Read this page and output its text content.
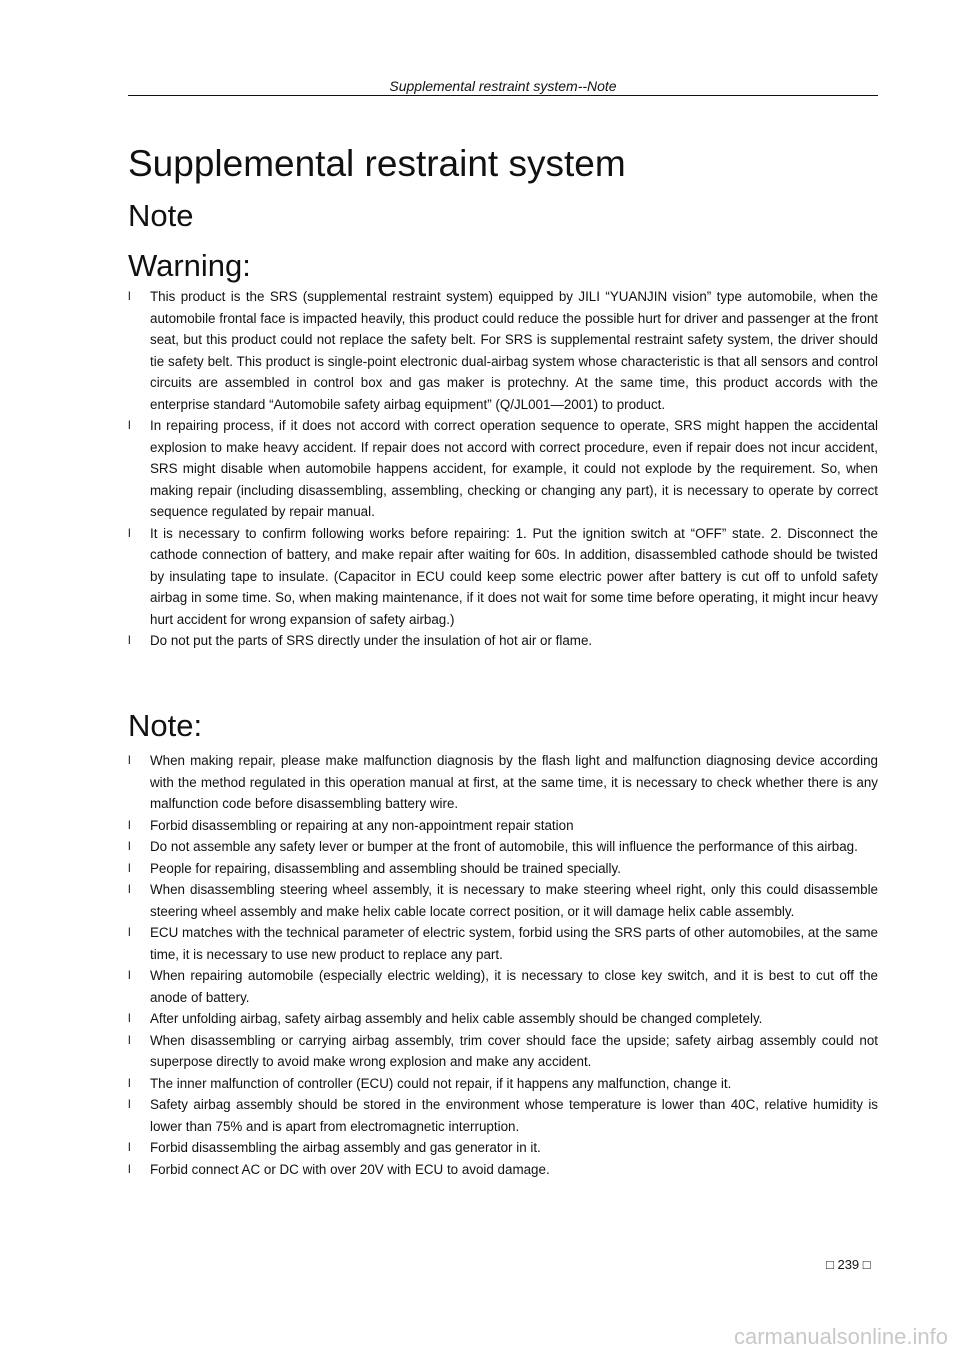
Supplemental restraint system--Note
Supplemental restraint system
Note
Warning:
l	This product is the SRS (supplemental restraint system) equipped by JILI “YUANJIN vision” type automobile, when the automobile frontal face is impacted heavily, this product could reduce the possible hurt for driver and passenger at the front seat, but this product could not replace the safety belt. For SRS is supplemental restraint safety system, the driver should tie safety belt. This product is single-point electronic dual-airbag system whose characteristic is that all sensors and control circuits are assembled in control box and gas maker is protechny. At the same time, this product accords with the enterprise standard “Automobile safety airbag equipment” (Q/JL001—2001) to product.
l	In repairing process, if it does not accord with correct operation sequence to operate, SRS might happen the accidental explosion to make heavy accident. If repair does not accord with correct procedure, even if repair does not incur accident, SRS might disable when automobile happens accident, for example, it could not explode by the requirement. So, when making repair (including disassembling, assembling, checking or changing any part), it is necessary to operate by correct sequence regulated by repair manual.
l	It is necessary to confirm following works before repairing: 1. Put the ignition switch at “OFF” state. 2. Disconnect the cathode connection of battery, and make repair after waiting for 60s. In addition, disassembled cathode should be twisted by insulating tape to insulate. (Capacitor in ECU could keep some electric power after battery is cut off to unfold safety airbag in some time. So, when making maintenance, if it does not wait for some time before operating, it might incur heavy hurt accident for wrong expansion of safety airbag.)
l	Do not put the parts of SRS directly under the insulation of hot air or flame.
Note:
l	When making repair, please make malfunction diagnosis by the flash light and malfunction diagnosing device according with the method regulated in this operation manual at first, at the same time, it is necessary to check whether there is any malfunction code before disassembling battery wire.
l	Forbid disassembling or repairing at any non-appointment repair station
l	Do not assemble any safety lever or bumper at the front of automobile, this will influence the performance of this airbag.
l	People for repairing, disassembling and assembling should be trained specially.
l	When disassembling steering wheel assembly, it is necessary to make steering wheel right, only this could disassemble steering wheel assembly and make helix cable locate correct position, or it will damage helix cable assembly.
l	ECU matches with the technical parameter of electric system, forbid using the SRS parts of other automobiles, at the same time, it is necessary to use new product to replace any part.
l	When repairing automobile (especially electric welding), it is necessary to close key switch, and it is best to cut off the anode of battery.
l	After unfolding airbag, safety airbag assembly and helix cable assembly should be changed completely.
l	When disassembling or carrying airbag assembly, trim cover should face the upside; safety airbag assembly could not superpose directly to avoid make wrong explosion and make any accident.
l	The inner malfunction of controller (ECU) could not repair, if it happens any malfunction, change it.
l	Safety airbag assembly should be stored in the environment whose temperature is lower than 40C, relative humidity is lower than 75% and is apart from electromagnetic interruption.
l	Forbid disassembling the airbag assembly and gas generator in it.
l	Forbid connect AC or DC with over 20V with ECU to avoid damage.
□ 239 □
carmanualsonline.info
